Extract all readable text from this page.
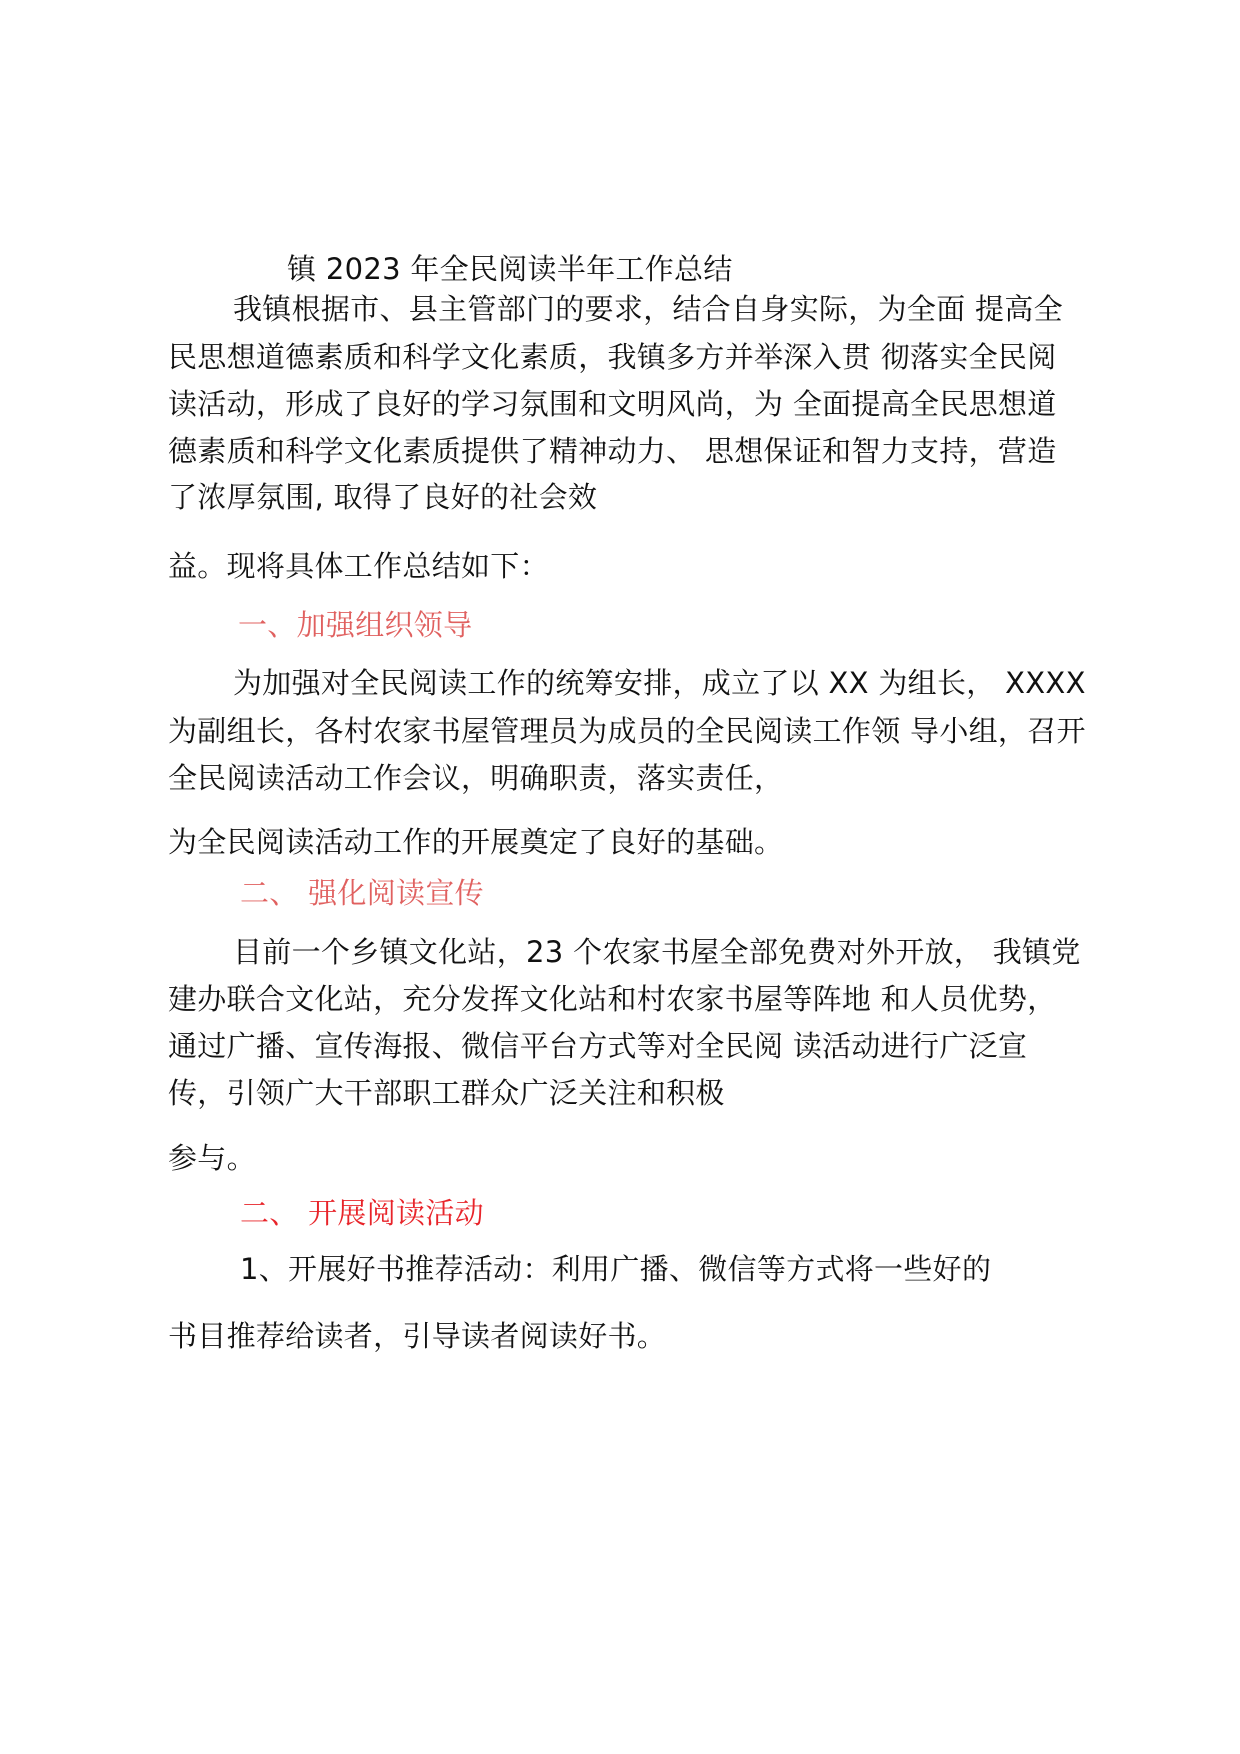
镇 2023 年全民阅读半年工作总结
我镇根据市、县主管部门的要求，结合自身实际，为全面 提高全
民思想道德素质和科学文化素质，我镇多方并举深入贯 彻落实全民阅
读活动，形成了良好的学习氛围和文明风尚，为 全面提高全民思想道
德素质和科学文化素质提供了精神动力、 思想保证和智力支持，营造
了浓厚氛围, 取得了良好的社会效
益。现将具体工作总结如下：
一、加强组织领导
为加强对全民阅读工作的统筹安排，成立了以 XX 为组长， XXXX
为副组长，各村农家书屋管理员为成员的全民阅读工作领 导小组，召开
全民阅读活动工作会议，明确职责，落实责任，
为全民阅读活动工作的开展奠定了良好的基础。
二、 强化阅读宣传
目前一个乡镇文化站，23 个农家书屋全部免费对外开放， 我镇党
建办联合文化站，充分发挥文化站和村农家书屋等阵地 和人员优势，
通过广播、宣传海报、微信平台方式等对全民阅 读活动进行广泛宣
传，引领广大干部职工群众广泛关注和积极
参与。
二、 开展阅读活动
1、开展好书推荐活动：利用广播、微信等方式将一些好的
书目推荐给读者，引导读者阅读好书。
